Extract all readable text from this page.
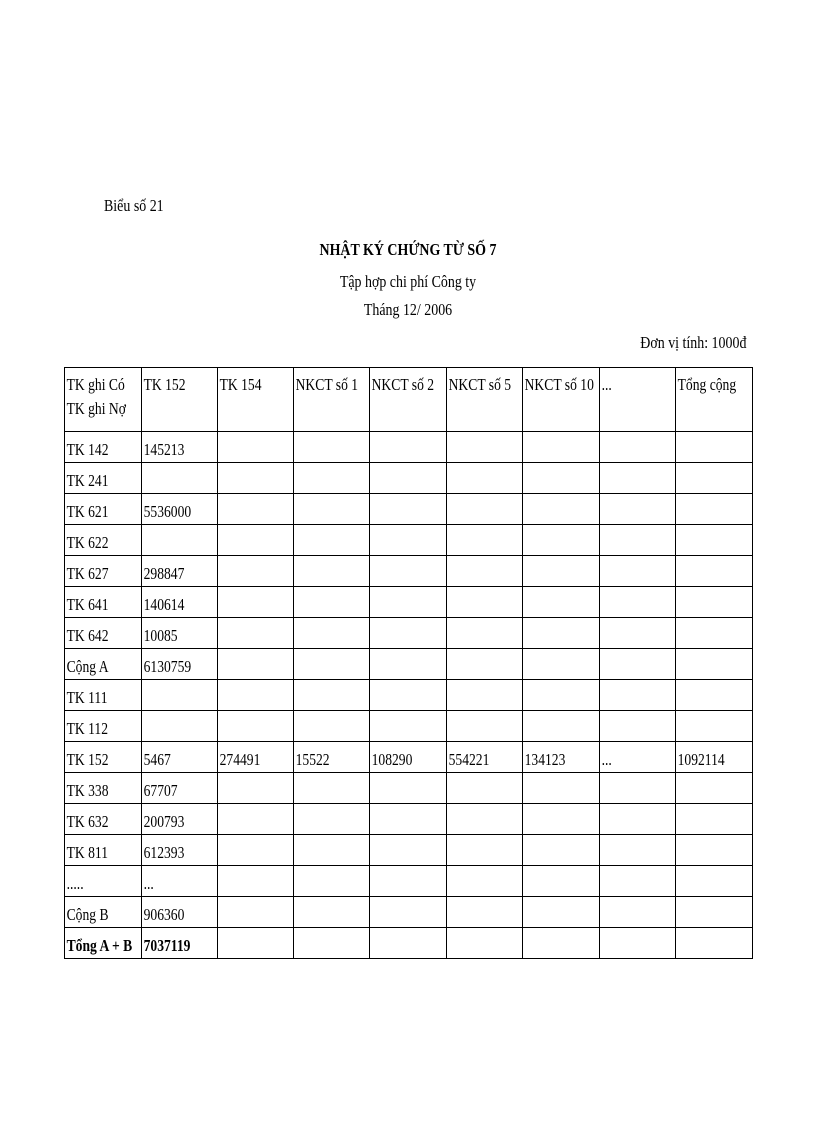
Biểu số 21
NHẬT KÝ CHỨNG TỪ SỐ 7
Tập hợp chi phí Công ty
Tháng 12/ 2006
Đơn vị tính: 1000đ
TK ghi Có
TK ghi Nợ	TK 152	TK 154	NKCT số 1	NKCT số 2	NKCT số 5	NKCT số 10	...	Tổng cộng

TK 142	145213							

TK 241								

TK 621	5536000							

TK 622								

TK 627	298847							

TK 641	140614							

TK 642	10085							

Cộng A	6130759							

TK 111								

TK 112								

TK 152	5467	274491	15522	108290	554221	134123	...	1092114

TK 338	67707							

TK 632	200793							

TK 811	612393							

.....	...							

Cộng B	906360							

Tổng A + B	7037119							
